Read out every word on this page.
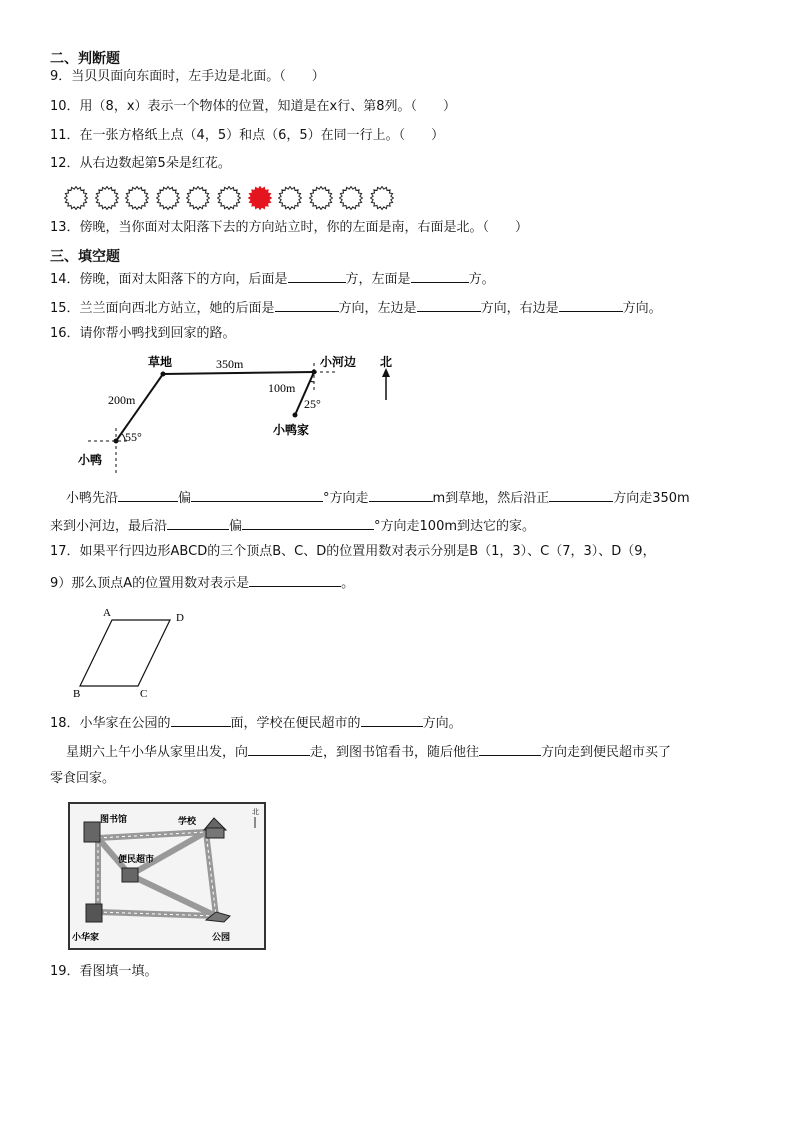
二、判断题
9．当贝贝面向东面时，左手边是北面。（　　）
10．用（8，x）表示一个物体的位置，知道是在x行、第8列。（　　）
11．在一张方格纸上点（4，5）和点（6，5）在同一行上。（　　）
12．从右边数起第5朵是红花。
13．傍晚，当你面对太阳落下去的方向站立时，你的左面是南，右面是北。（　　）
三、填空题
14．傍晚，面对太阳落下的方向，后面是	方，左面是	方。
15．兰兰面向西北方站立，她的后面是	方向，左边是	方向，右边是	方向。
16．请你帮小鸭找到回家的路。
草地	小河边
小鸭家
小鸭
北
350m
200m
100m
55°
25°
小鸭先沿	偏	°方向走	m到草地，然后沿正	方向走350m
来到小河边，最后沿	偏	°方向走100m到达它的家。
17．如果平行四边形ABCD的三个顶点B、C、D的位置用数对表示分别是B（1，3）、C（7，3）、D（9，
9）那么顶点A的位置用数对表示是	。
A	D
B	C
18．小华家在公园的	面，学校在便民超市的	方向。
星期六上午小华从家里出发，向	走，到图书馆看书，随后他往	方向走到便民超市买了
零食回家。
图书馆	学校
便民超市
小华家	公园
北
19．看图填一填。
